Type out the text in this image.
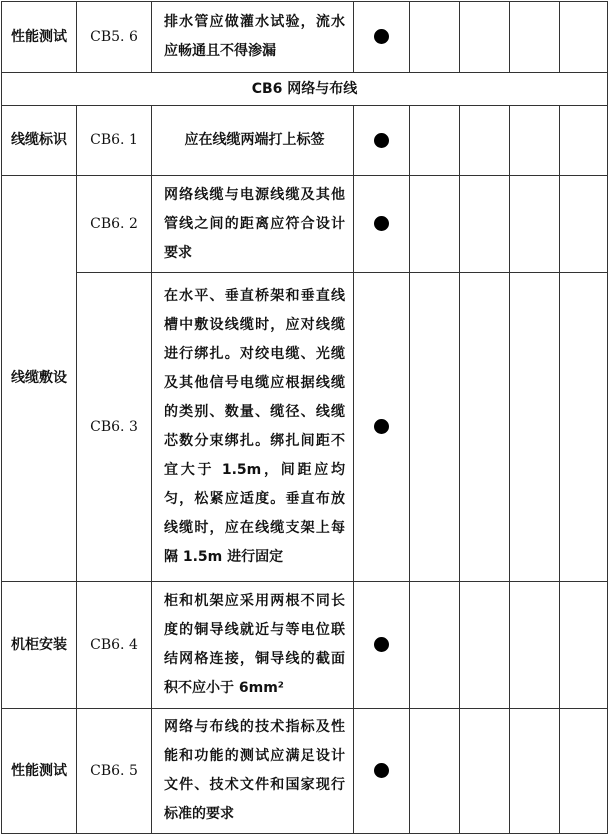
性能测试	CB5. 6	排水管应做灌水试验，流水应畅通且不得渗漏					
CB6 网络与布线							
线缆标识	CB6. 1	应在线缆两端打上标签					
线缆敷设	CB6. 2	网络线缆与电源线缆及其他管线之间的距离应符合设计要求					
	CB6. 3	在水平、垂直桥架和垂直线槽中敷设线缆时，应对线缆进行绑扎。对绞电缆、光缆及其他信号电缆应根据线缆的类别、数量、缆径、线缆芯数分束绑扎。绑扎间距不宜大于 1.5m，间距应均匀，松紧应适度。垂直布放线缆时，应在线缆支架上每隔 1.5m 进行固定					
机柜安装	CB6. 4	柜和机架应采用两根不同长度的铜导线就近与等电位联结网格连接，铜导线的截面积不应小于 6mm²					
性能测试	CB6. 5	网络与布线的技术指标及性能和功能的测试应满足设计文件、技术文件和国家现行标准的要求					
